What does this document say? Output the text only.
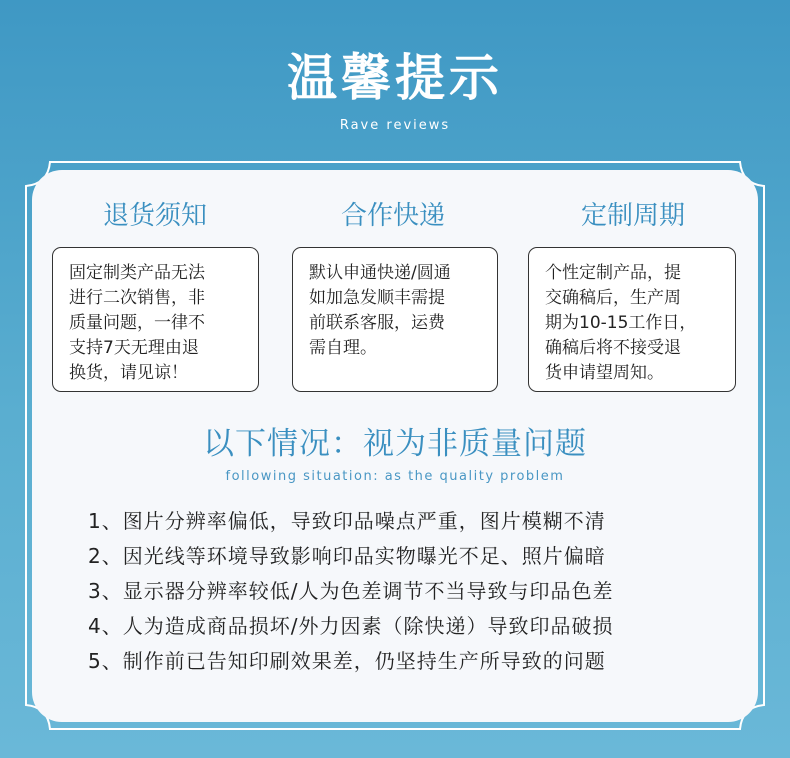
温馨提示
Rave reviews
退货须知	合作快递	定制周期
固定制类产品无法
进行二次销售，非
质量问题，一律不
支持7天无理由退
换货，请见谅！
默认申通快递/圆通
如加急发顺丰需提
前联系客服，运费
需自理。
个性定制产品，提
交确稿后，生产周
期为10-15工作日，
确稿后将不接受退
货申请望周知。
以下情况：视为非质量问题
following situation: as the quality problem
1、图片分辨率偏低，导致印品噪点严重，图片模糊不清
2、因光线等环境导致影响印品实物曝光不足、照片偏暗
3、显示器分辨率较低/人为色差调节不当导致与印品色差
4、人为造成商品损坏/外力因素（除快递）导致印品破损
5、制作前已告知印刷效果差，仍坚持生产所导致的问题
